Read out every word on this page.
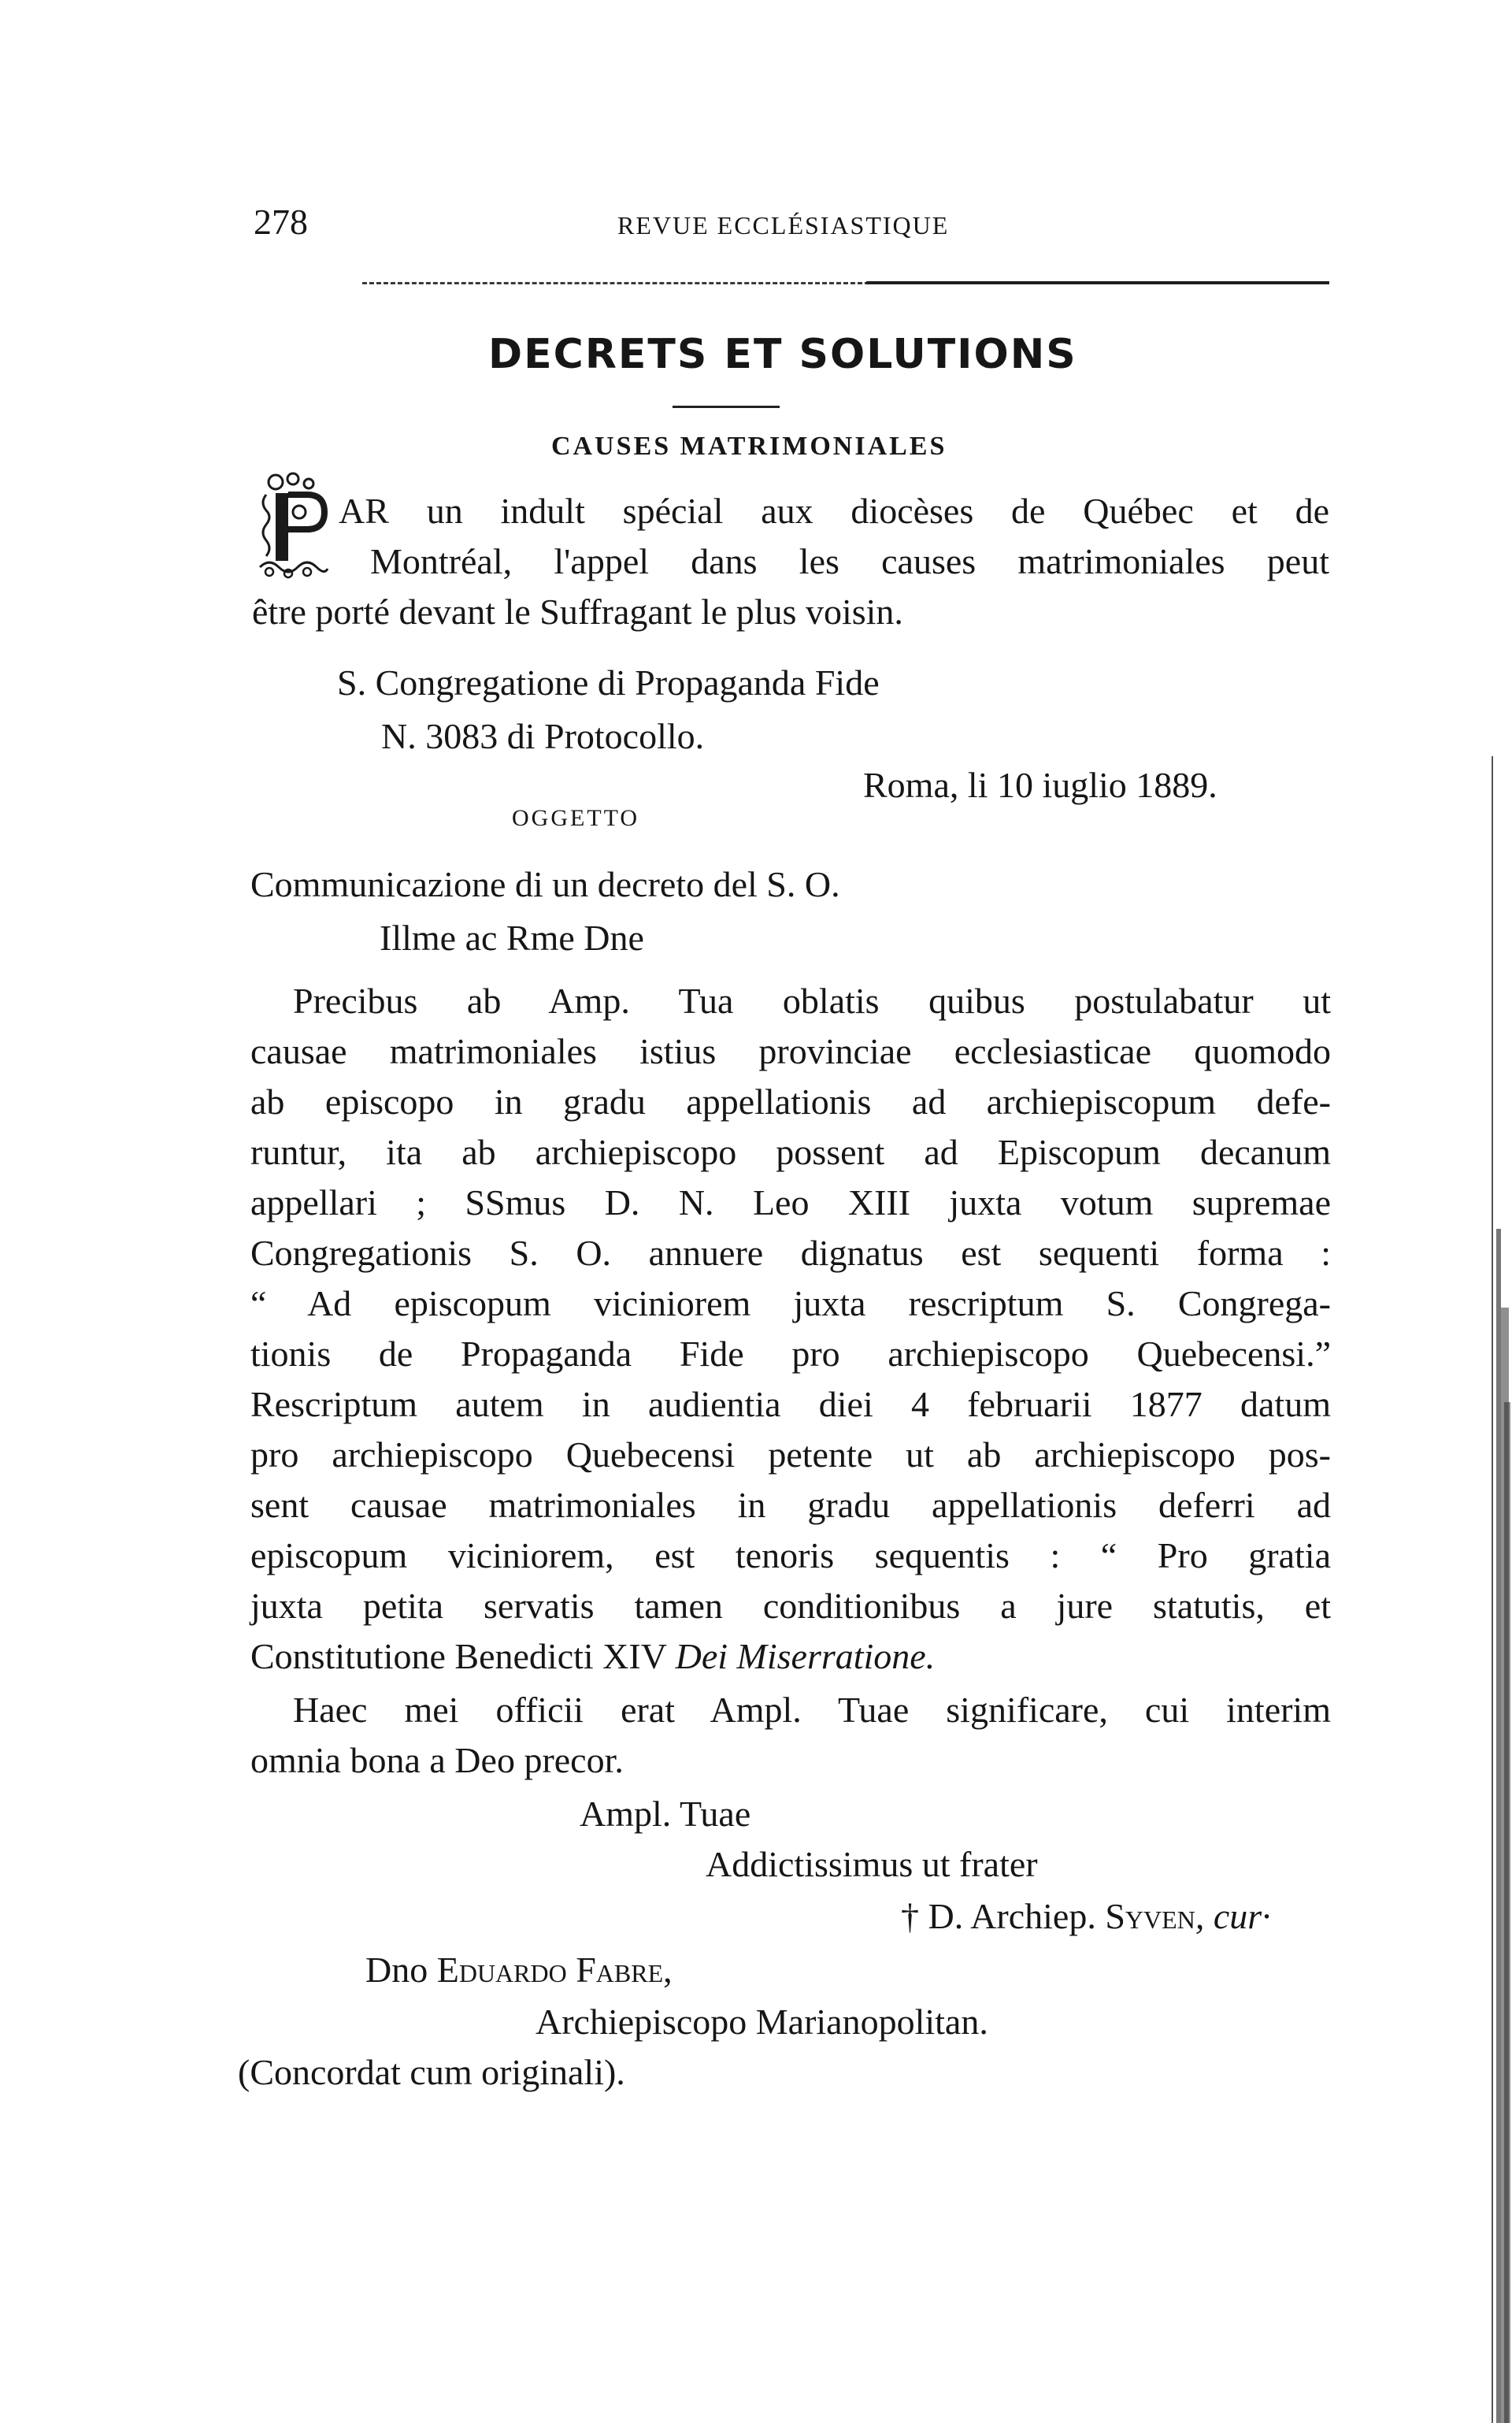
278	REVUE ECCLÉSIASTIQUE
DECRETS ET SOLUTIONS
CAUSES MATRIMONIALES
AR un indult spécial aux diocèses de Québec et de
Montréal, l'appel dans les causes matrimoniales peut
être porté devant le Suffragant le plus voisin.
S. Congregatione di Propaganda Fide
N. 3083 di Protocollo.
Roma, li 10 iuglio 1889.
OGGETTO
Communicazione di un decreto del S. O.
Illme ac Rme Dne
Precibus ab Amp. Tua oblatis quibus postulabatur ut
causae matrimoniales istius provinciae ecclesiasticae quomodo
ab episcopo in gradu appellationis ad archiepiscopum defe-
runtur, ita ab archiepiscopo possent ad Episcopum decanum
appellari ; SSmus D. N. Leo XIII juxta votum supremae
Congregationis S. O. annuere dignatus est sequenti forma :
“ Ad episcopum viciniorem juxta rescriptum S. Congrega-
tionis de Propaganda Fide pro archiepiscopo Quebecensi.”
Rescriptum autem in audientia diei 4 februarii 1877 datum
pro archiepiscopo Quebecensi petente ut ab archiepiscopo pos-
sent causae matrimoniales in gradu appellationis deferri ad
episcopum viciniorem, est tenoris sequentis : “ Pro gratia
juxta petita servatis tamen conditionibus a jure statutis, et
Constitutione Benedicti XIV Dei Miserratione.
Haec mei officii erat Ampl. Tuae significare, cui interim
omnia bona a Deo precor.
Ampl. Tuae
Addictissimus ut frater
† D. Archiep. Syven, cur·
Dno Eduardo Fabre,
Archiepiscopo Marianopolitan.
(Concordat cum originali).
